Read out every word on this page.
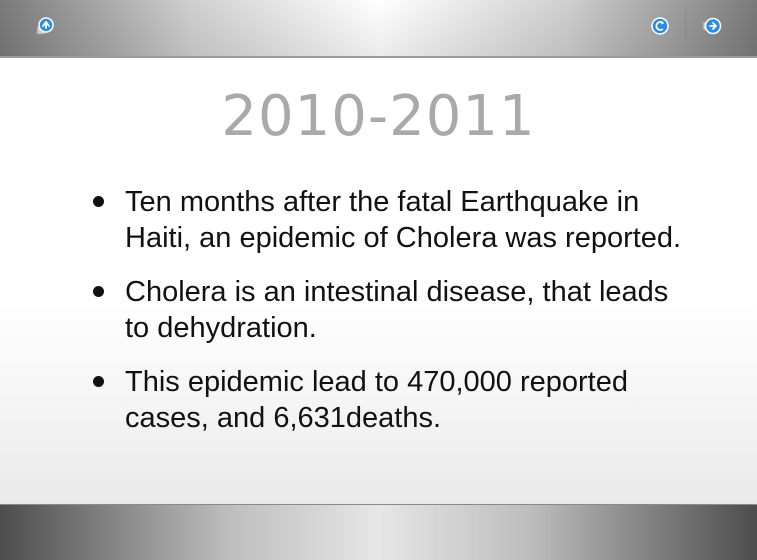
2010-2011
Ten months after the fatal Earthquake in Haiti, an epidemic of Cholera was reported.
Cholera is an intestinal disease, that leads to dehydration.
This epidemic lead to 470,000 reported cases, and 6,631deaths.
